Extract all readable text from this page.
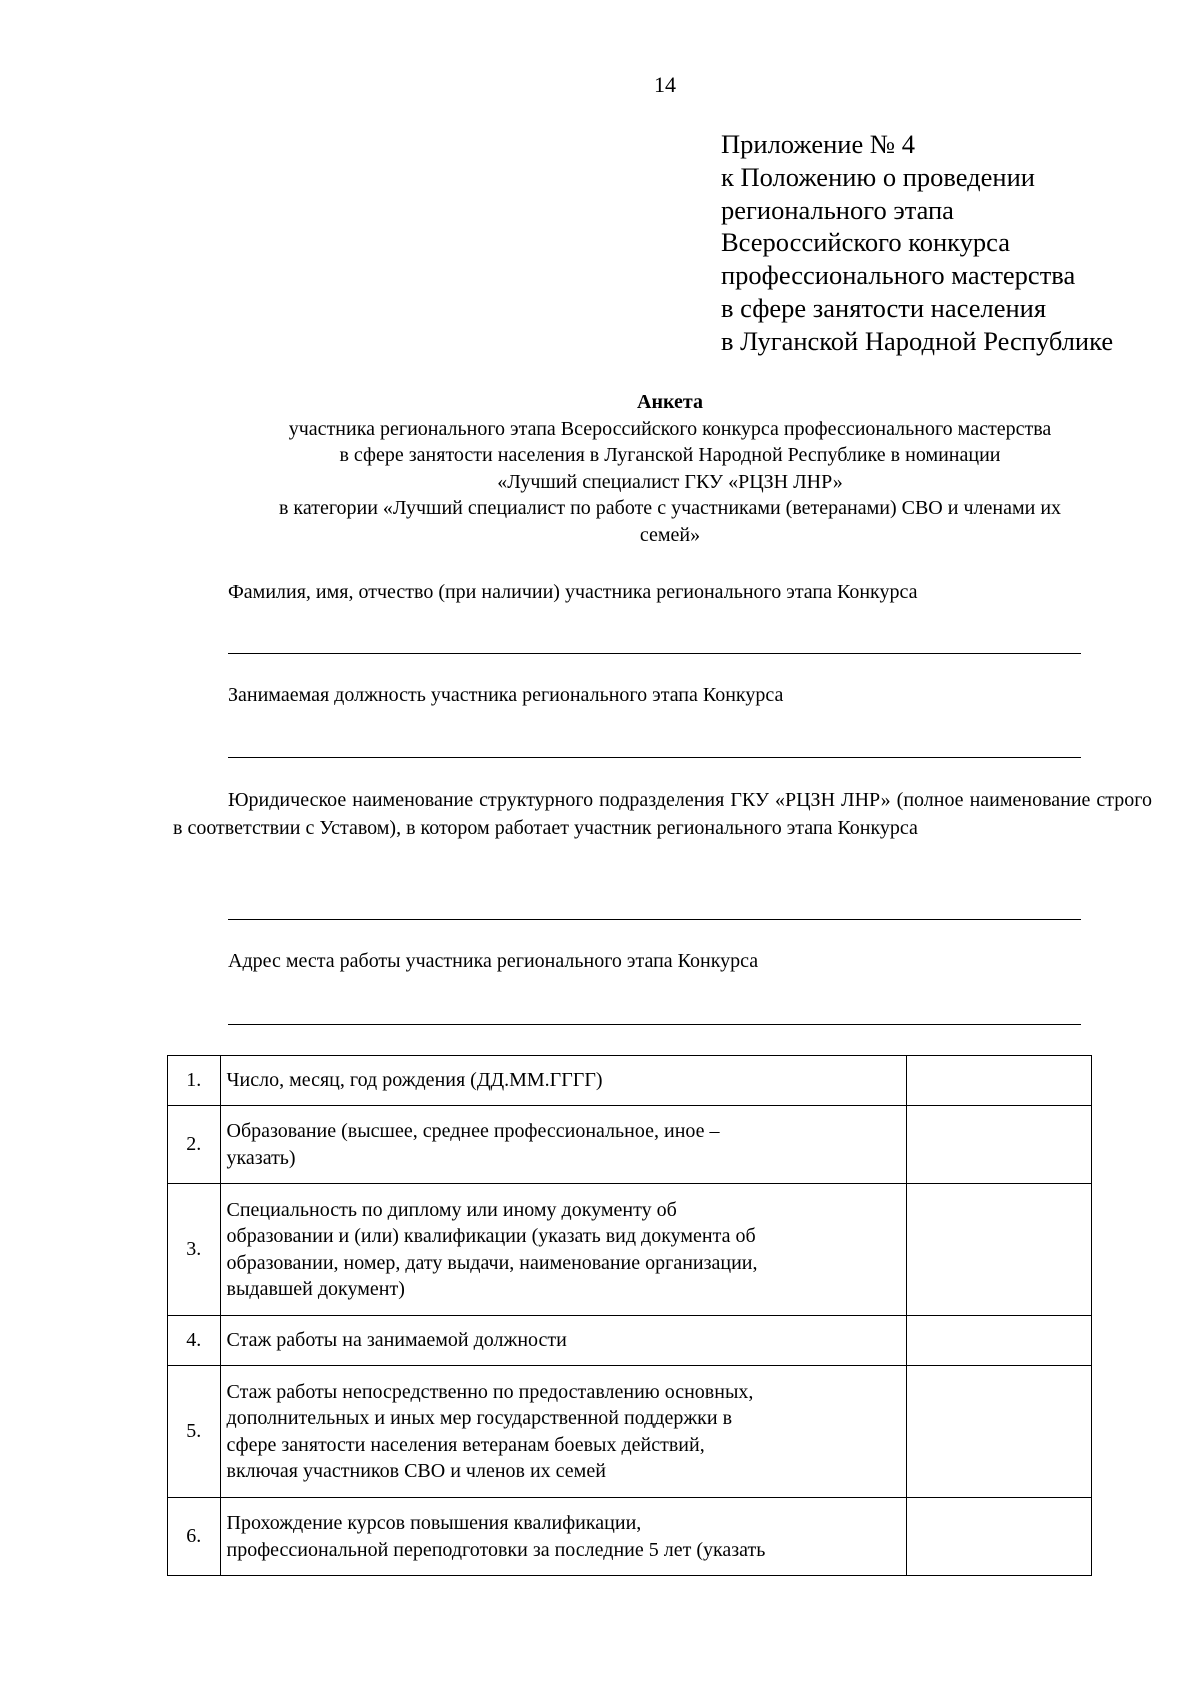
14
Приложение № 4
к Положению о проведении
регионального этапа
Всероссийского конкурса
профессионального мастерства
в сфере занятости населения
в Луганской Народной Республике
Анкета
участника регионального этапа Всероссийского конкурса профессионального мастерства
в сфере занятости населения в Луганской Народной Республике в номинации
«Лучший специалист ГКУ «РЦЗН ЛНР»
в категории «Лучший специалист по работе с участниками (ветеранами) СВО и членами их
семей»
Фамилия, имя, отчество (при наличии) участника регионального этапа Конкурса
Занимаемая должность участника регионального этапа Конкурса
Юридическое наименование структурного подразделения ГКУ «РЦЗН ЛНР» (полное наименование строго в соответствии с Уставом), в котором работает участник регионального этапа Конкурса
Адрес места работы участника регионального этапа Конкурса
1.	Число, месяц, год рождения (ДД.ММ.ГГГГ)	

2.	Образование (высшее, среднее профессиональное, иное –
указать)	

3.	Специальность по диплому или иному документу об
образовании и (или) квалификации (указать вид документа об
образовании, номер, дату выдачи, наименование организации,
выдавшей документ)	

4.	Стаж работы на занимаемой должности	

5.	Стаж работы непосредственно по предоставлению основных,
дополнительных и иных мер государственной поддержки в
сфере занятости населения ветеранам боевых действий,
включая участников СВО и членов их семей	

6.	Прохождение курсов повышения квалификации,
профессиональной переподготовки за последние 5 лет (указать	
